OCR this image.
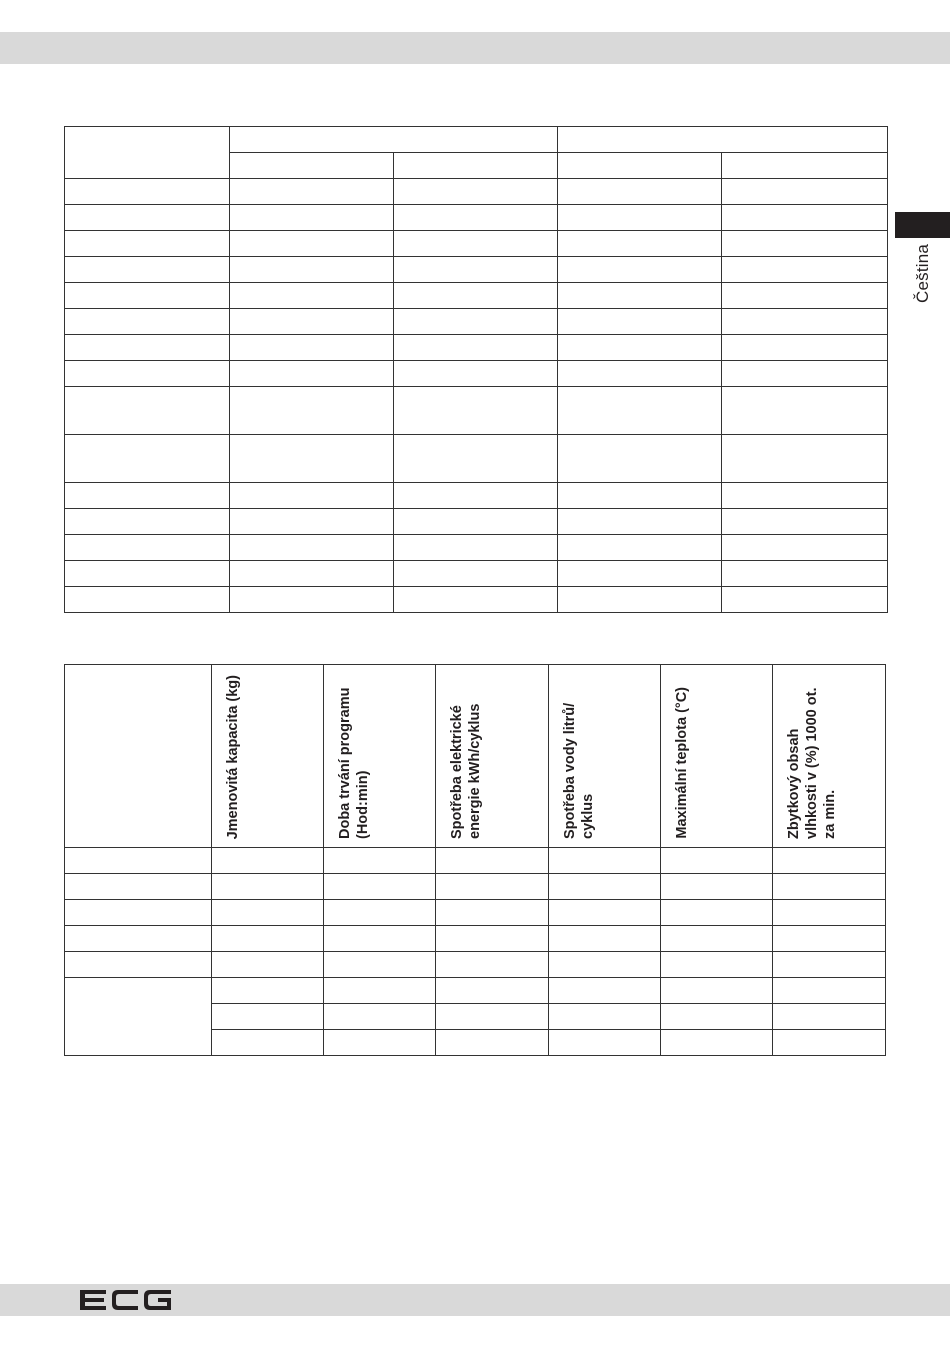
Čeština

	Jmenovitá kapacita (kg)	Doba trvání programu (Hod:min)	Spotřeba elektrické energie kWh/cyklus	Spotřeba vody litrů/ cyklus	Maximální teplota (°C)	Zbytkový obsah vlhkosti v (%) 1000 ot. za min.
